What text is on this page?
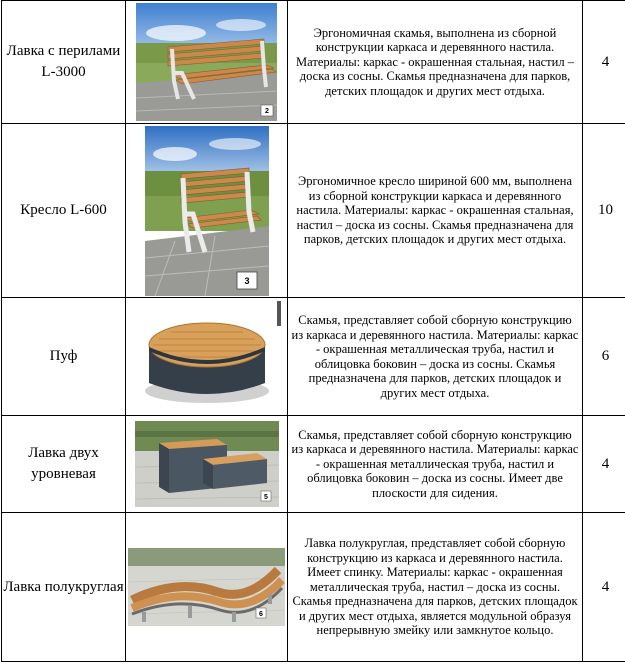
Лавка с перилами L-3000	2	Эргономичная скамья, выполнена из сборной конструкции каркаса и деревянного настила. Материалы: каркас - окрашенная стальная, настил – доска из сосны. Скамья предназначена для парков, детских площадок и других мест отдыха.	4
Кресло L-600	3	Эргономичное кресло шириной 600 мм, выполнена из сборной конструкции каркаса и деревянного настила. Материалы: каркас - окрашенная стальная, настил – доска из сосны. Скамья предназначена для парков, детских площадок и других мест отдыха.	10
Пуф		Скамья, представляет собой сборную конструкцию из каркаса и деревянного настила. Материалы: каркас - окрашенная металлическая труба, настил и облицовка боковин – доска из сосны. Скамья предназначена для парков, детских площадок и других мест отдыха.	6
Лавка двух уровневая	5	Скамья, представляет собой сборную конструкцию из каркаса и деревянного настила. Материалы: каркас - окрашенная металлическая труба, настил и облицовка боковин – доска из сосны. Имеет две плоскости для сидения.	4
Лавка полукруглая	6	Лавка полукруглая, представляет собой сборную конструкцию из каркаса и деревянного настила. Имеет спинку. Материалы: каркас - окрашенная металлическая труба, настил – доска из сосны. Скамья предназначена для парков, детских площадок и других мест отдыха, является модульной образуя непрерывную змейку или замкнутое кольцо.	4
